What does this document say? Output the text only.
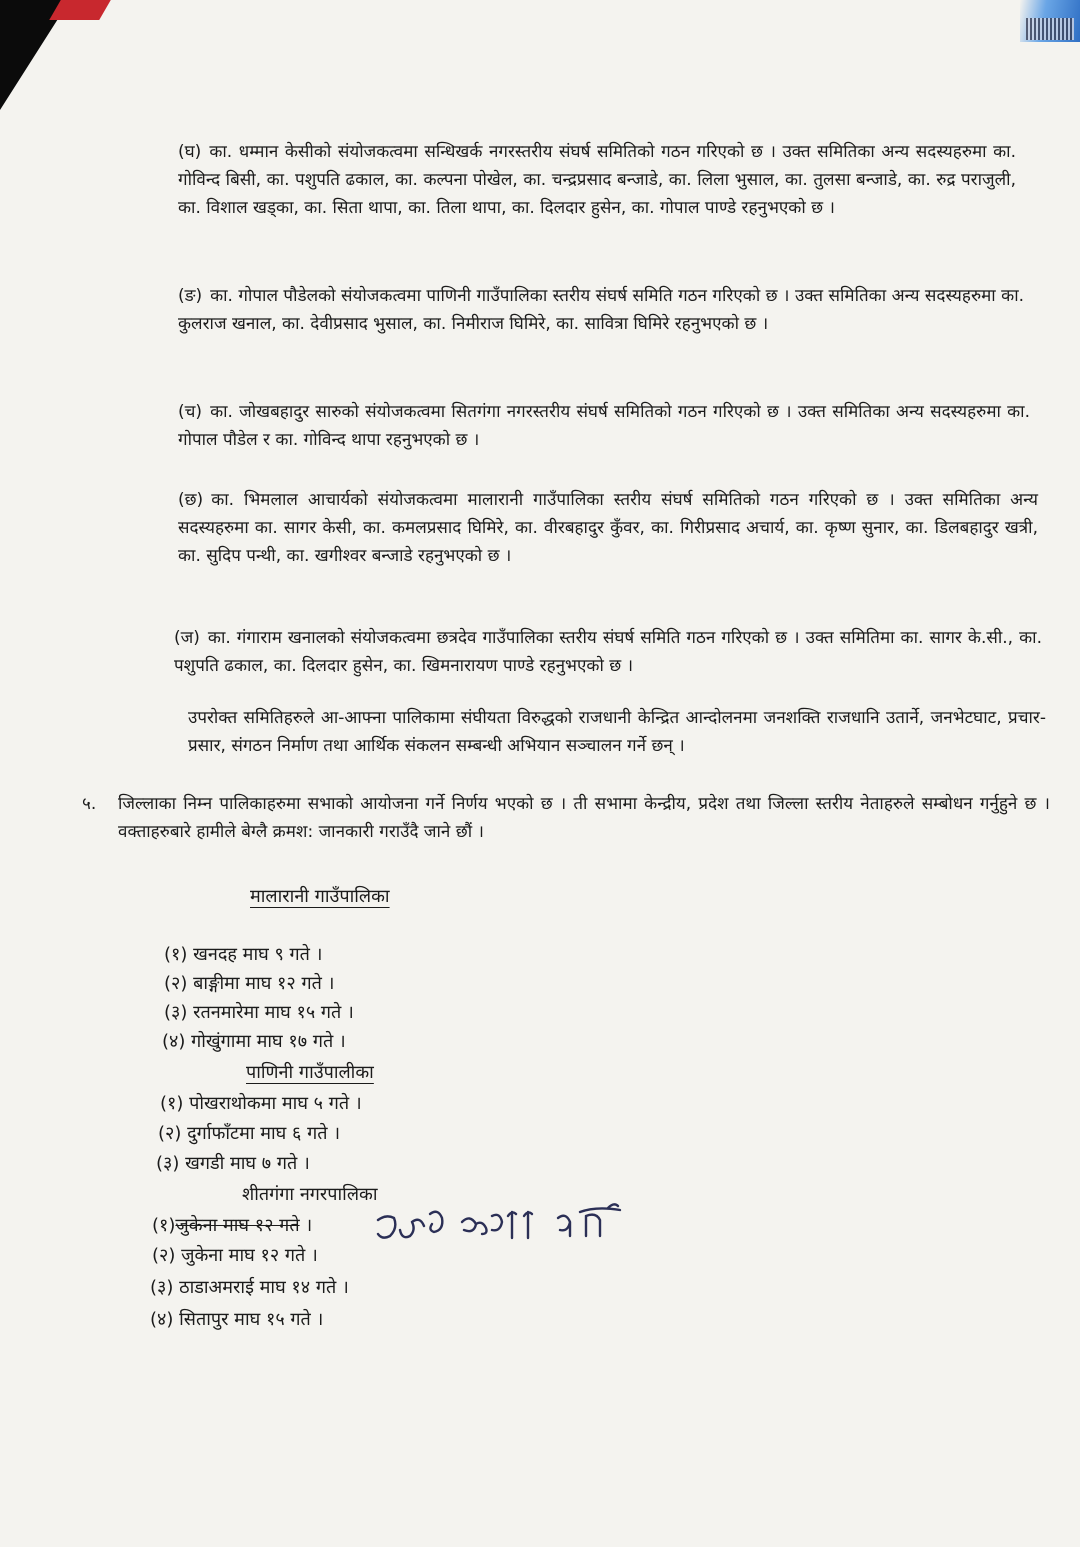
(घ) का. धम्मान केसीको संयोजकत्वमा सन्धिखर्क नगरस्तरीय संघर्ष समितिको गठन गरिएको छ । उक्त समितिका अन्य सदस्यहरुमा का. गोविन्द बिसी, का. पशुपति ढकाल, का. कल्पना पोखेल, का. चन्द्रप्रसाद बन्जाडे, का. लिला भुसाल, का. तुलसा बन्जाडे, का. रुद्र पराजुली, का. विशाल खड्का, का. सिता थापा, का. तिला थापा, का. दिलदार हुसेन, का. गोपाल पाण्डे रहनुभएको छ ।
(ङ) का. गोपाल पौडेलको संयोजकत्वमा पाणिनी गाउँपालिका स्तरीय संघर्ष समिति गठन गरिएको छ । उक्त समितिका अन्य सदस्यहरुमा का. कुलराज खनाल, का. देवीप्रसाद भुसाल, का. निमीराज घिमिरे, का. सावित्रा घिमिरे रहनुभएको छ ।
(च) का. जोखबहादुर सारुको संयोजकत्वमा सितगंगा नगरस्तरीय संघर्ष समितिको गठन गरिएको छ । उक्त समितिका अन्य सदस्यहरुमा का. गोपाल पौडेल र का. गोविन्द थापा रहनुभएको छ ।
(छ) का. भिमलाल आचार्यको संयोजकत्वमा मालारानी गाउँपालिका स्तरीय संघर्ष समितिको गठन गरिएको छ । उक्त समितिका अन्य सदस्यहरुमा का. सागर केसी, का. कमलप्रसाद घिमिरे, का. वीरबहादुर कुँवर, का. गिरीप्रसाद अचार्य, का. कृष्ण सुनार, का. डिलबहादुर खत्री, का. सुदिप पन्थी, का. खगीश्वर बन्जाडे रहनुभएको छ ।
(ज) का. गंगाराम खनालको संयोजकत्वमा छत्रदेव गाउँपालिका स्तरीय संघर्ष समिति गठन गरिएको छ । उक्त समितिमा का. सागर के.सी., का. पशुपति ढकाल, का. दिलदार हुसेन, का. खिमनारायण पाण्डे रहनुभएको छ ।
उपरोक्त समितिहरुले आ-आफ्ना पालिकामा संघीयता विरुद्धको राजधानी केन्द्रित आन्दोलनमा जनशक्ति राजधानि उतार्ने, जनभेटघाट, प्रचार-प्रसार, संगठन निर्माण तथा आर्थिक संकलन सम्बन्धी अभियान सञ्चालन गर्ने छन् ।
५. जिल्लाका निम्न पालिकाहरुमा सभाको आयोजना गर्ने निर्णय भएको छ । ती सभामा केन्द्रीय, प्रदेश तथा जिल्ला स्तरीय नेताहरुले सम्बोधन गर्नुहुने छ । वक्ताहरुबारे हामीले बेग्लै क्रमश: जानकारी गराउँदै जाने छौं ।
मालारानी गाउँपालिका
(१) खनदह माघ ९ गते ।
(२) बाङ्गीमा माघ १२ गते ।
(३) रतनमारेमा माघ १५ गते ।
(४) गोखुंगामा माघ १७ गते ।
पाणिनी गाउँपालीका
(१) पोखराथोकमा माघ ५ गते ।
(२) दुर्गाफाँटमा माघ ६ गते ।
(३) खगडी माघ ७ गते ।
शीतगंगा नगरपालिका
(१)जुकेना माघ १२ गते ।
(२) जुकेना माघ १२ गते ।
(३) ठाडाअमराई माघ १४ गते ।
(४) सितापुर माघ १५ गते ।
